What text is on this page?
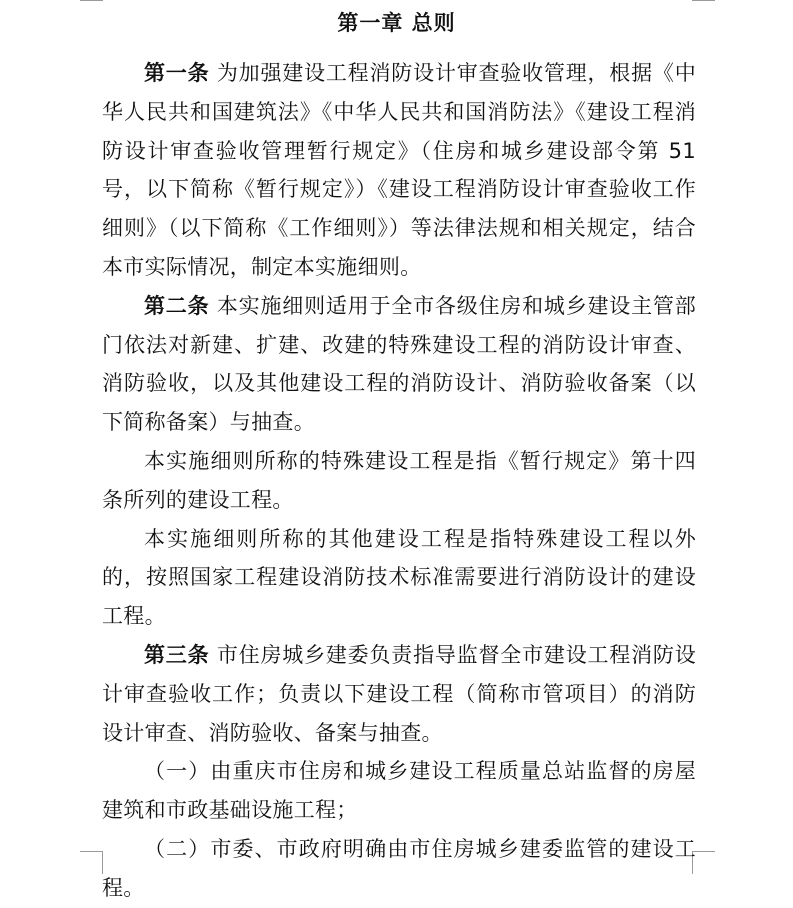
第一章 总则

第一条 为加强建设工程消防设计审查验收管理，根据《中华人民共和国建筑法》《中华人民共和国消防法》《建设工程消防设计审查验收管理暂行规定》（住房和城乡建设部令第 51 号，以下简称《暂行规定》）《建设工程消防设计审查验收工作细则》（以下简称《工作细则》）等法律法规和相关规定，结合本市实际情况，制定本实施细则。

第二条 本实施细则适用于全市各级住房和城乡建设主管部门依法对新建、扩建、改建的特殊建设工程的消防设计审查、消防验收，以及其他建设工程的消防设计、消防验收备案（以下简称备案）与抽查。

本实施细则所称的特殊建设工程是指《暂行规定》第十四条所列的建设工程。

本实施细则所称的其他建设工程是指特殊建设工程以外的，按照国家工程建设消防技术标准需要进行消防设计的建设工程。

第三条 市住房城乡建委负责指导监督全市建设工程消防设计审查验收工作；负责以下建设工程（简称市管项目）的消防设计审查、消防验收、备案与抽查。

（一）由重庆市住房和城乡建设工程质量总站监督的房屋建筑和市政基础设施工程；

（二）市委、市政府明确由市住房城乡建委监管的建设工程。
